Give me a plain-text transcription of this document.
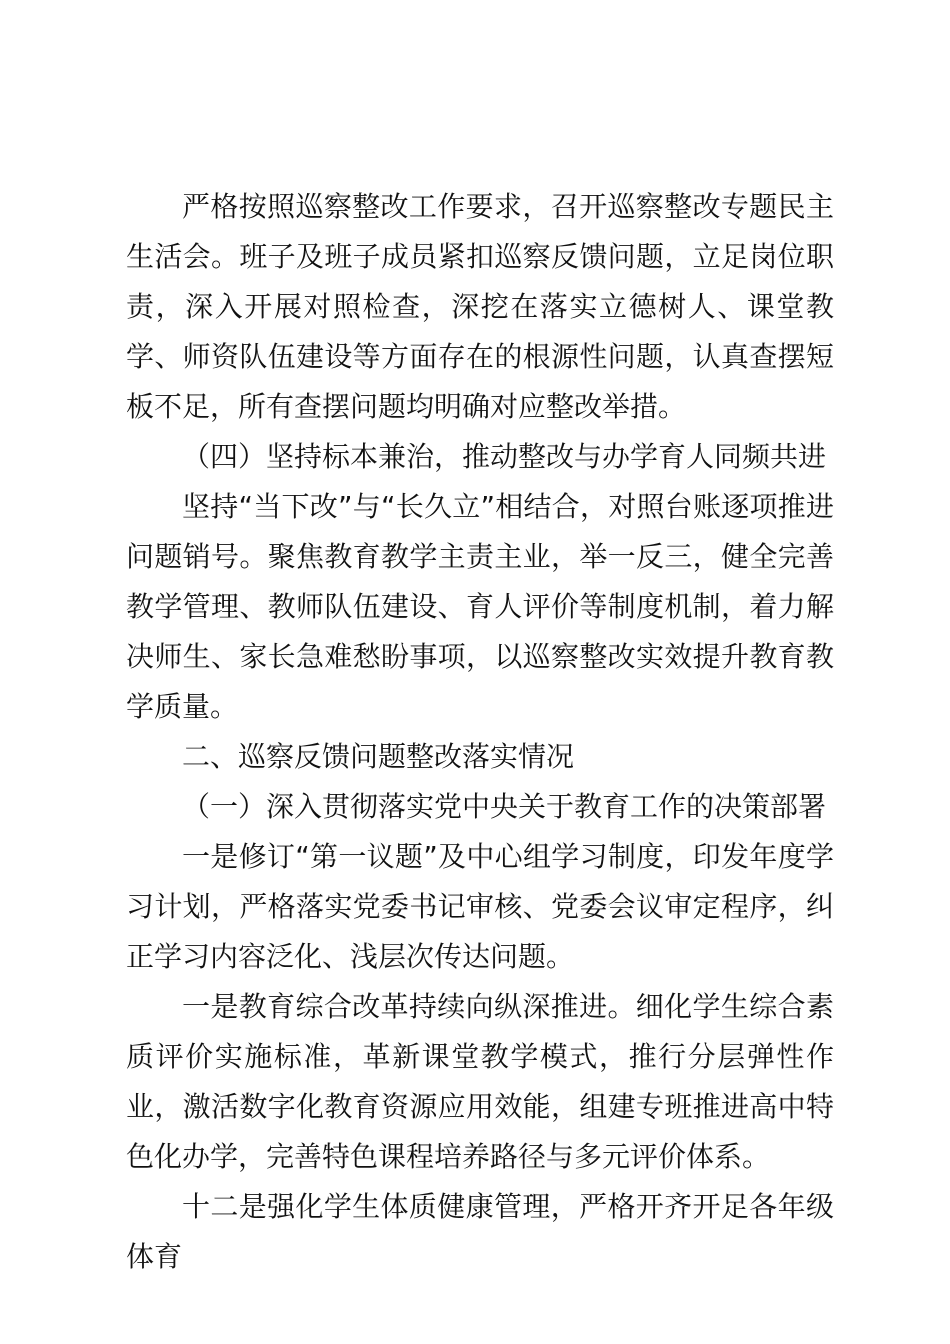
严格按照巡察整改工作要求，召开巡察整改专题民主生活会。班子及班子成员紧扣巡察反馈问题，立足岗位职责，深入开展对照检查，深挖在落实立德树人、课堂教学、师资队伍建设等方面存在的根源性问题，认真查摆短板不足，所有查摆问题均明确对应整改举措。

（四）坚持标本兼治，推动整改与办学育人同频共进

坚持“当下改”与“长久立”相结合，对照台账逐项推进问题销号。聚焦教育教学主责主业，举一反三，健全完善教学管理、教师队伍建设、育人评价等制度机制，着力解决师生、家长急难愁盼事项，以巡察整改实效提升教育教学质量。

二、巡察反馈问题整改落实情况

（一）深入贯彻落实党中央关于教育工作的决策部署

一是修订“第一议题”及中心组学习制度，印发年度学习计划，严格落实党委书记审核、党委会议审定程序，纠正学习内容泛化、浅层次传达问题。

一是教育综合改革持续向纵深推进。细化学生综合素质评价实施标准，革新课堂教学模式，推行分层弹性作业，激活数字化教育资源应用效能，组建专班推进高中特色化办学，完善特色课程培养路径与多元评价体系。

十二是强化学生体质健康管理，严格开齐开足各年级体育
